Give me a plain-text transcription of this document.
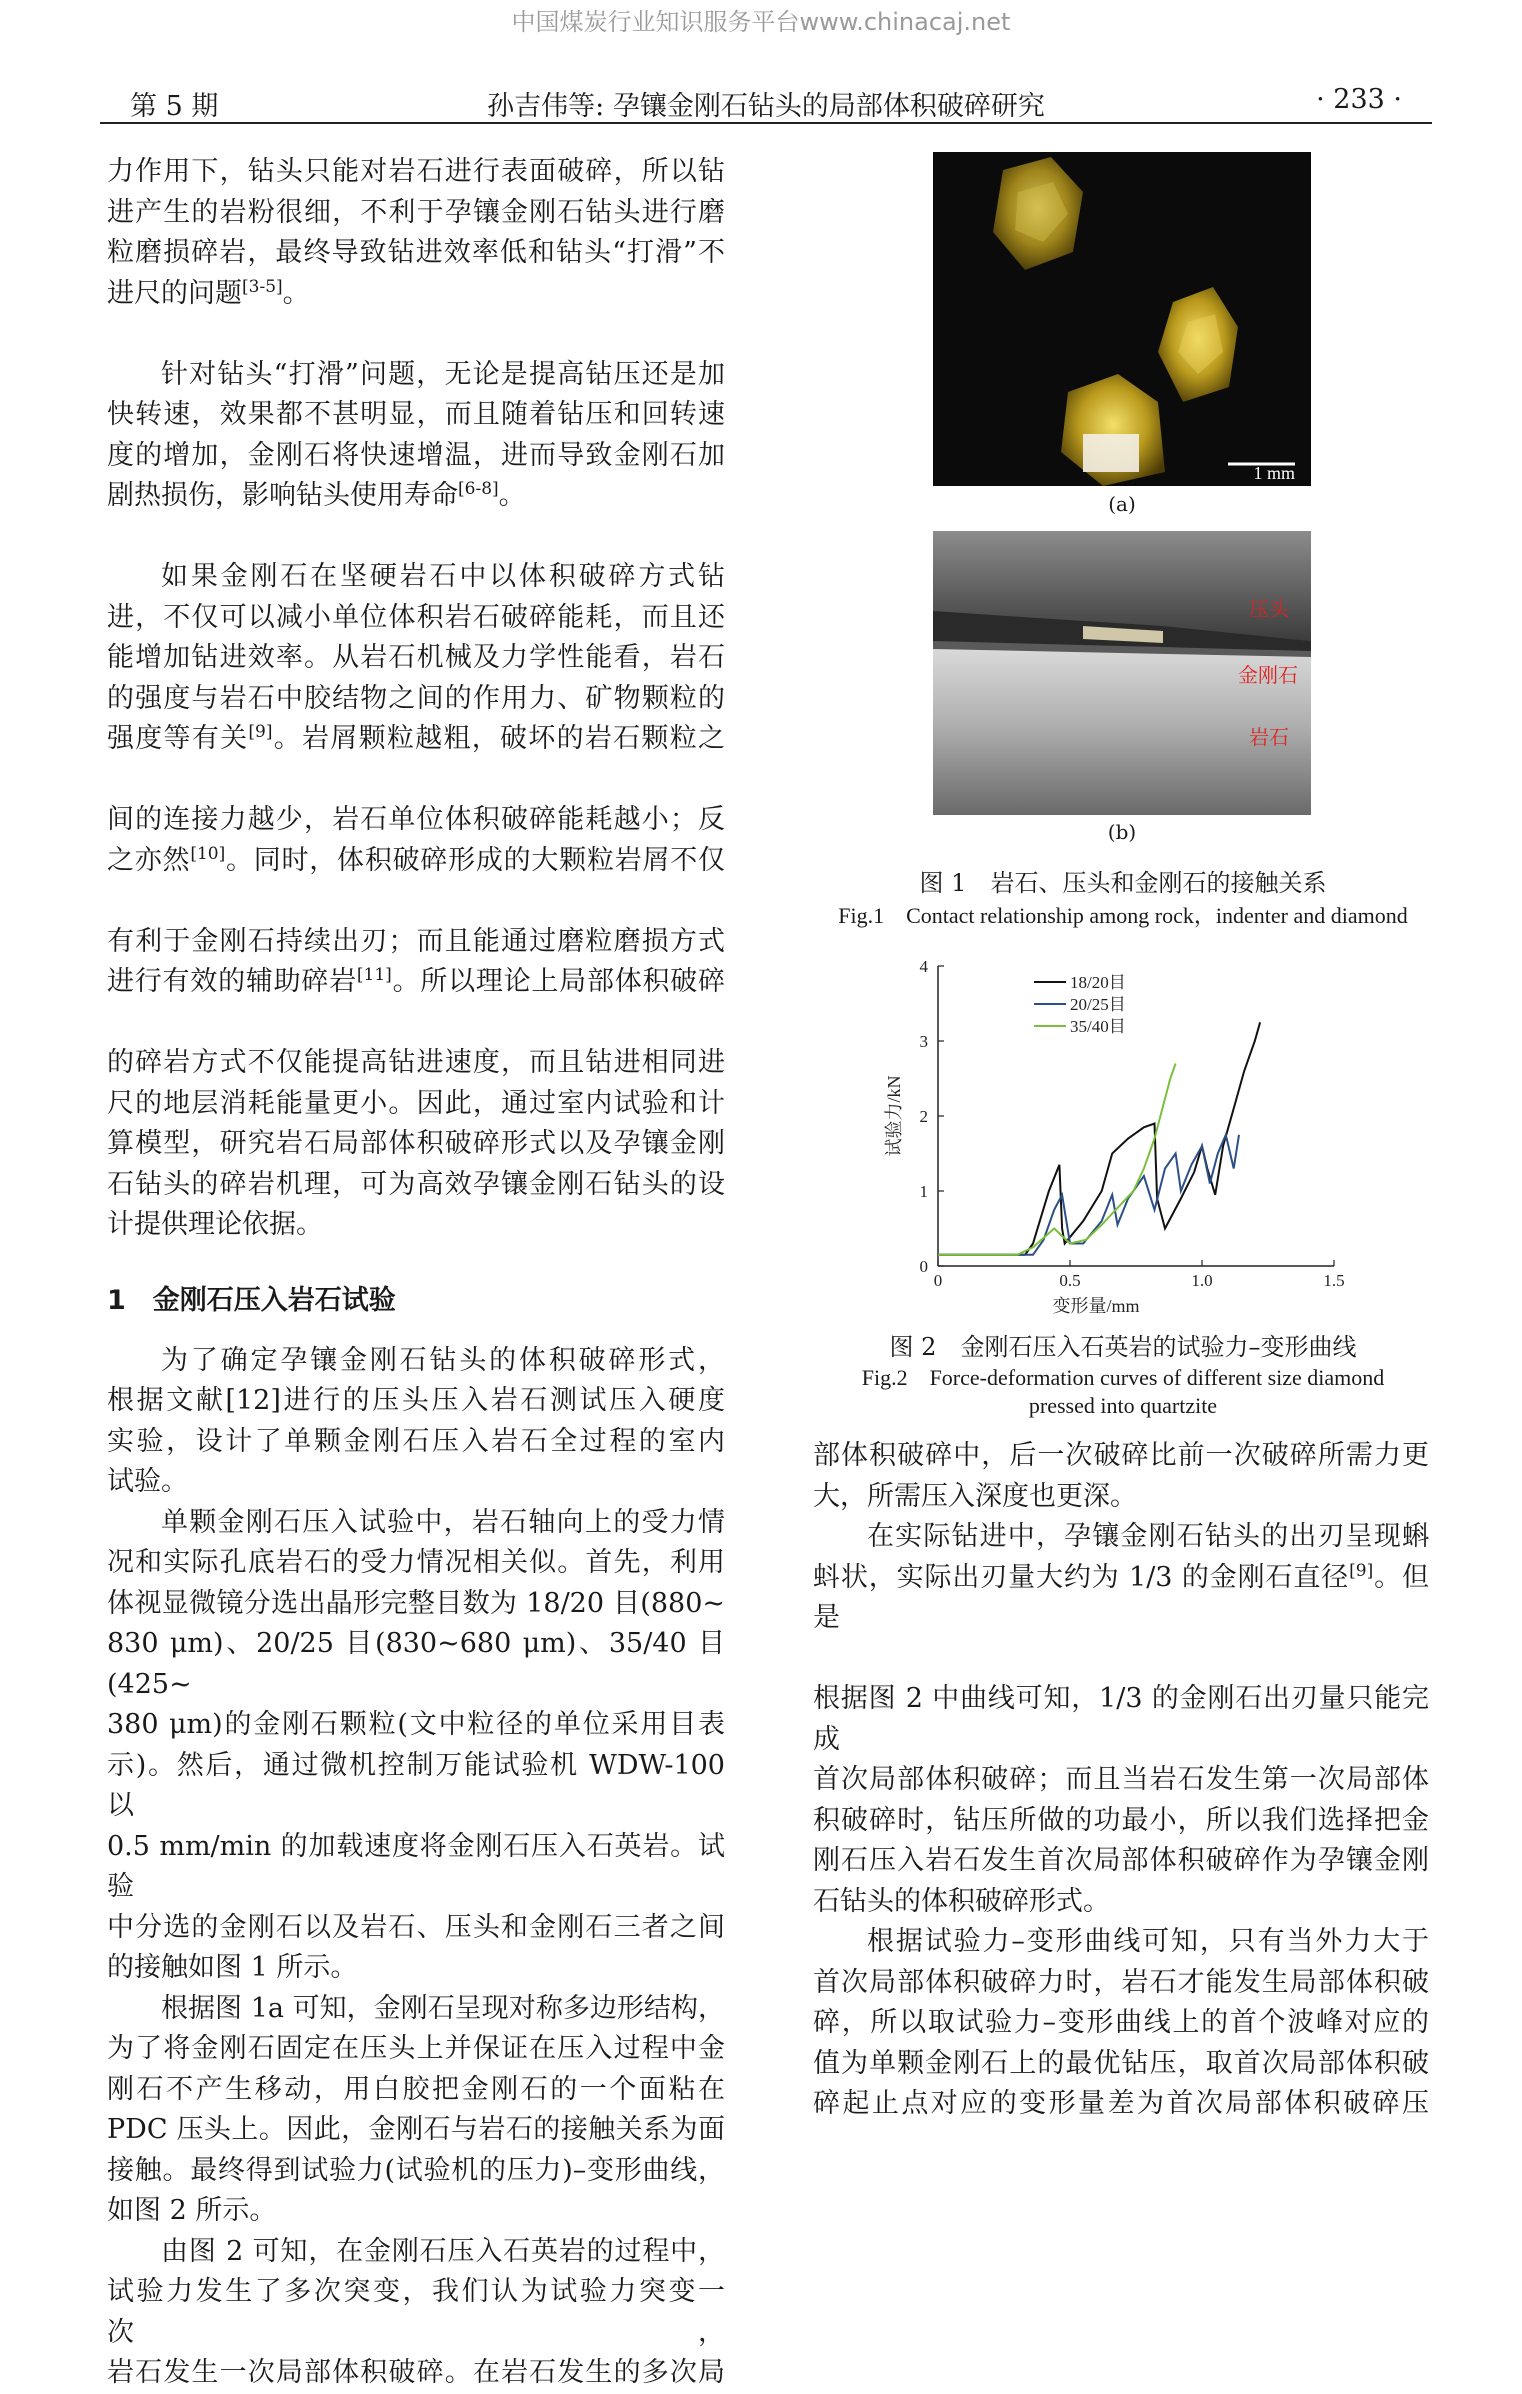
中国煤炭行业知识服务平台www.chinacaj.net
第 5 期	孙吉伟等: 孕镶金刚石钻头的局部体积破碎研究	· 233 ·

力作用下，钻头只能对岩石进行表面破碎，所以钻

进产生的岩粉很细，不利于孕镶金刚石钻头进行磨

粒磨损碎岩，最终导致钻进效率低和钻头“打滑”不

进尺的问题[3-5]。

针对钻头“打滑”问题，无论是提高钻压还是加

快转速，效果都不甚明显，而且随着钻压和回转速

度的增加，金刚石将快速增温，进而导致金刚石加

剧热损伤，影响钻头使用寿命[6-8]。

如果金刚石在坚硬岩石中以体积破碎方式钻

进，不仅可以减小单位体积岩石破碎能耗，而且还

能增加钻进效率。从岩石机械及力学性能看，岩石

的强度与岩石中胶结物之间的作用力、矿物颗粒的

强度等有关[9]。岩屑颗粒越粗，破坏的岩石颗粒之

间的连接力越少，岩石单位体积破碎能耗越小；反

之亦然[10]。同时，体积破碎形成的大颗粒岩屑不仅

有利于金刚石持续出刃；而且能通过磨粒磨损方式

进行有效的辅助碎岩[11]。所以理论上局部体积破碎

的碎岩方式不仅能提高钻进速度，而且钻进相同进

尺的地层消耗能量更小。因此，通过室内试验和计

算模型，研究岩石局部体积破碎形式以及孕镶金刚

石钻头的碎岩机理，可为高效孕镶金刚石钻头的设

计提供理论依据。

1　金刚石压入岩石试验

为了确定孕镶金刚石钻头的体积破碎形式，

根据文献[12]进行的压头压入岩石测试压入硬度

实验，设计了单颗金刚石压入岩石全过程的室内

试验。

单颗金刚石压入试验中，岩石轴向上的受力情

况和实际孔底岩石的受力情况相关似。首先，利用

体视显微镜分选出晶形完整目数为 18/20 目(880~

830 μm)、20/25 目(830~680 μm)、35/40 目(425~

380 μm)的金刚石颗粒(文中粒径的单位采用目表

示)。然后，通过微机控制万能试验机 WDW-100 以

0.5 mm/min 的加载速度将金刚石压入石英岩。试验

中分选的金刚石以及岩石、压头和金刚石三者之间

的接触如图 1 所示。

根据图 1a 可知，金刚石呈现对称多边形结构，

为了将金刚石固定在压头上并保证在压入过程中金

刚石不产生移动，用白胶把金刚石的一个面粘在

PDC 压头上。因此，金刚石与岩石的接触关系为面

接触。最终得到试验力(试验机的压力)–变形曲线，

如图 2 所示。

由图 2 可知，在金刚石压入石英岩的过程中，

试验力发生了多次突变，我们认为试验力突变一次，

岩石发生一次局部体积破碎。在岩石发生的多次局

1 mm
(a)
压头
金刚石
岩石
(b)
图 1　岩石、压头和金刚石的接触关系
Fig.1　Contact relationship among rock，indenter and diamond
0	0.5	1.0	1.5
0
1
2
3
4
变形量/mm
试验力/kN
18/20目
20/25目
35/40目
图 2　金刚石压入石英岩的试验力–变形曲线
Fig.2　Force-deformation curves of different size diamond
pressed into quartzite

部体积破碎中，后一次破碎比前一次破碎所需力更

大，所需压入深度也更深。

在实际钻进中，孕镶金刚石钻头的出刃呈现蝌

蚪状，实际出刃量大约为 1/3 的金刚石直径[9]。但是

根据图 2 中曲线可知，1/3 的金刚石出刃量只能完成

首次局部体积破碎；而且当岩石发生第一次局部体

积破碎时，钻压所做的功最小，所以我们选择把金

刚石压入岩石发生首次局部体积破碎作为孕镶金刚

石钻头的体积破碎形式。

根据试验力–变形曲线可知，只有当外力大于

首次局部体积破碎力时，岩石才能发生局部体积破

碎，所以取试验力–变形曲线上的首个波峰对应的

值为单颗金刚石上的最优钻压，取首次局部体积破

碎起止点对应的变形量差为首次局部体积破碎压
